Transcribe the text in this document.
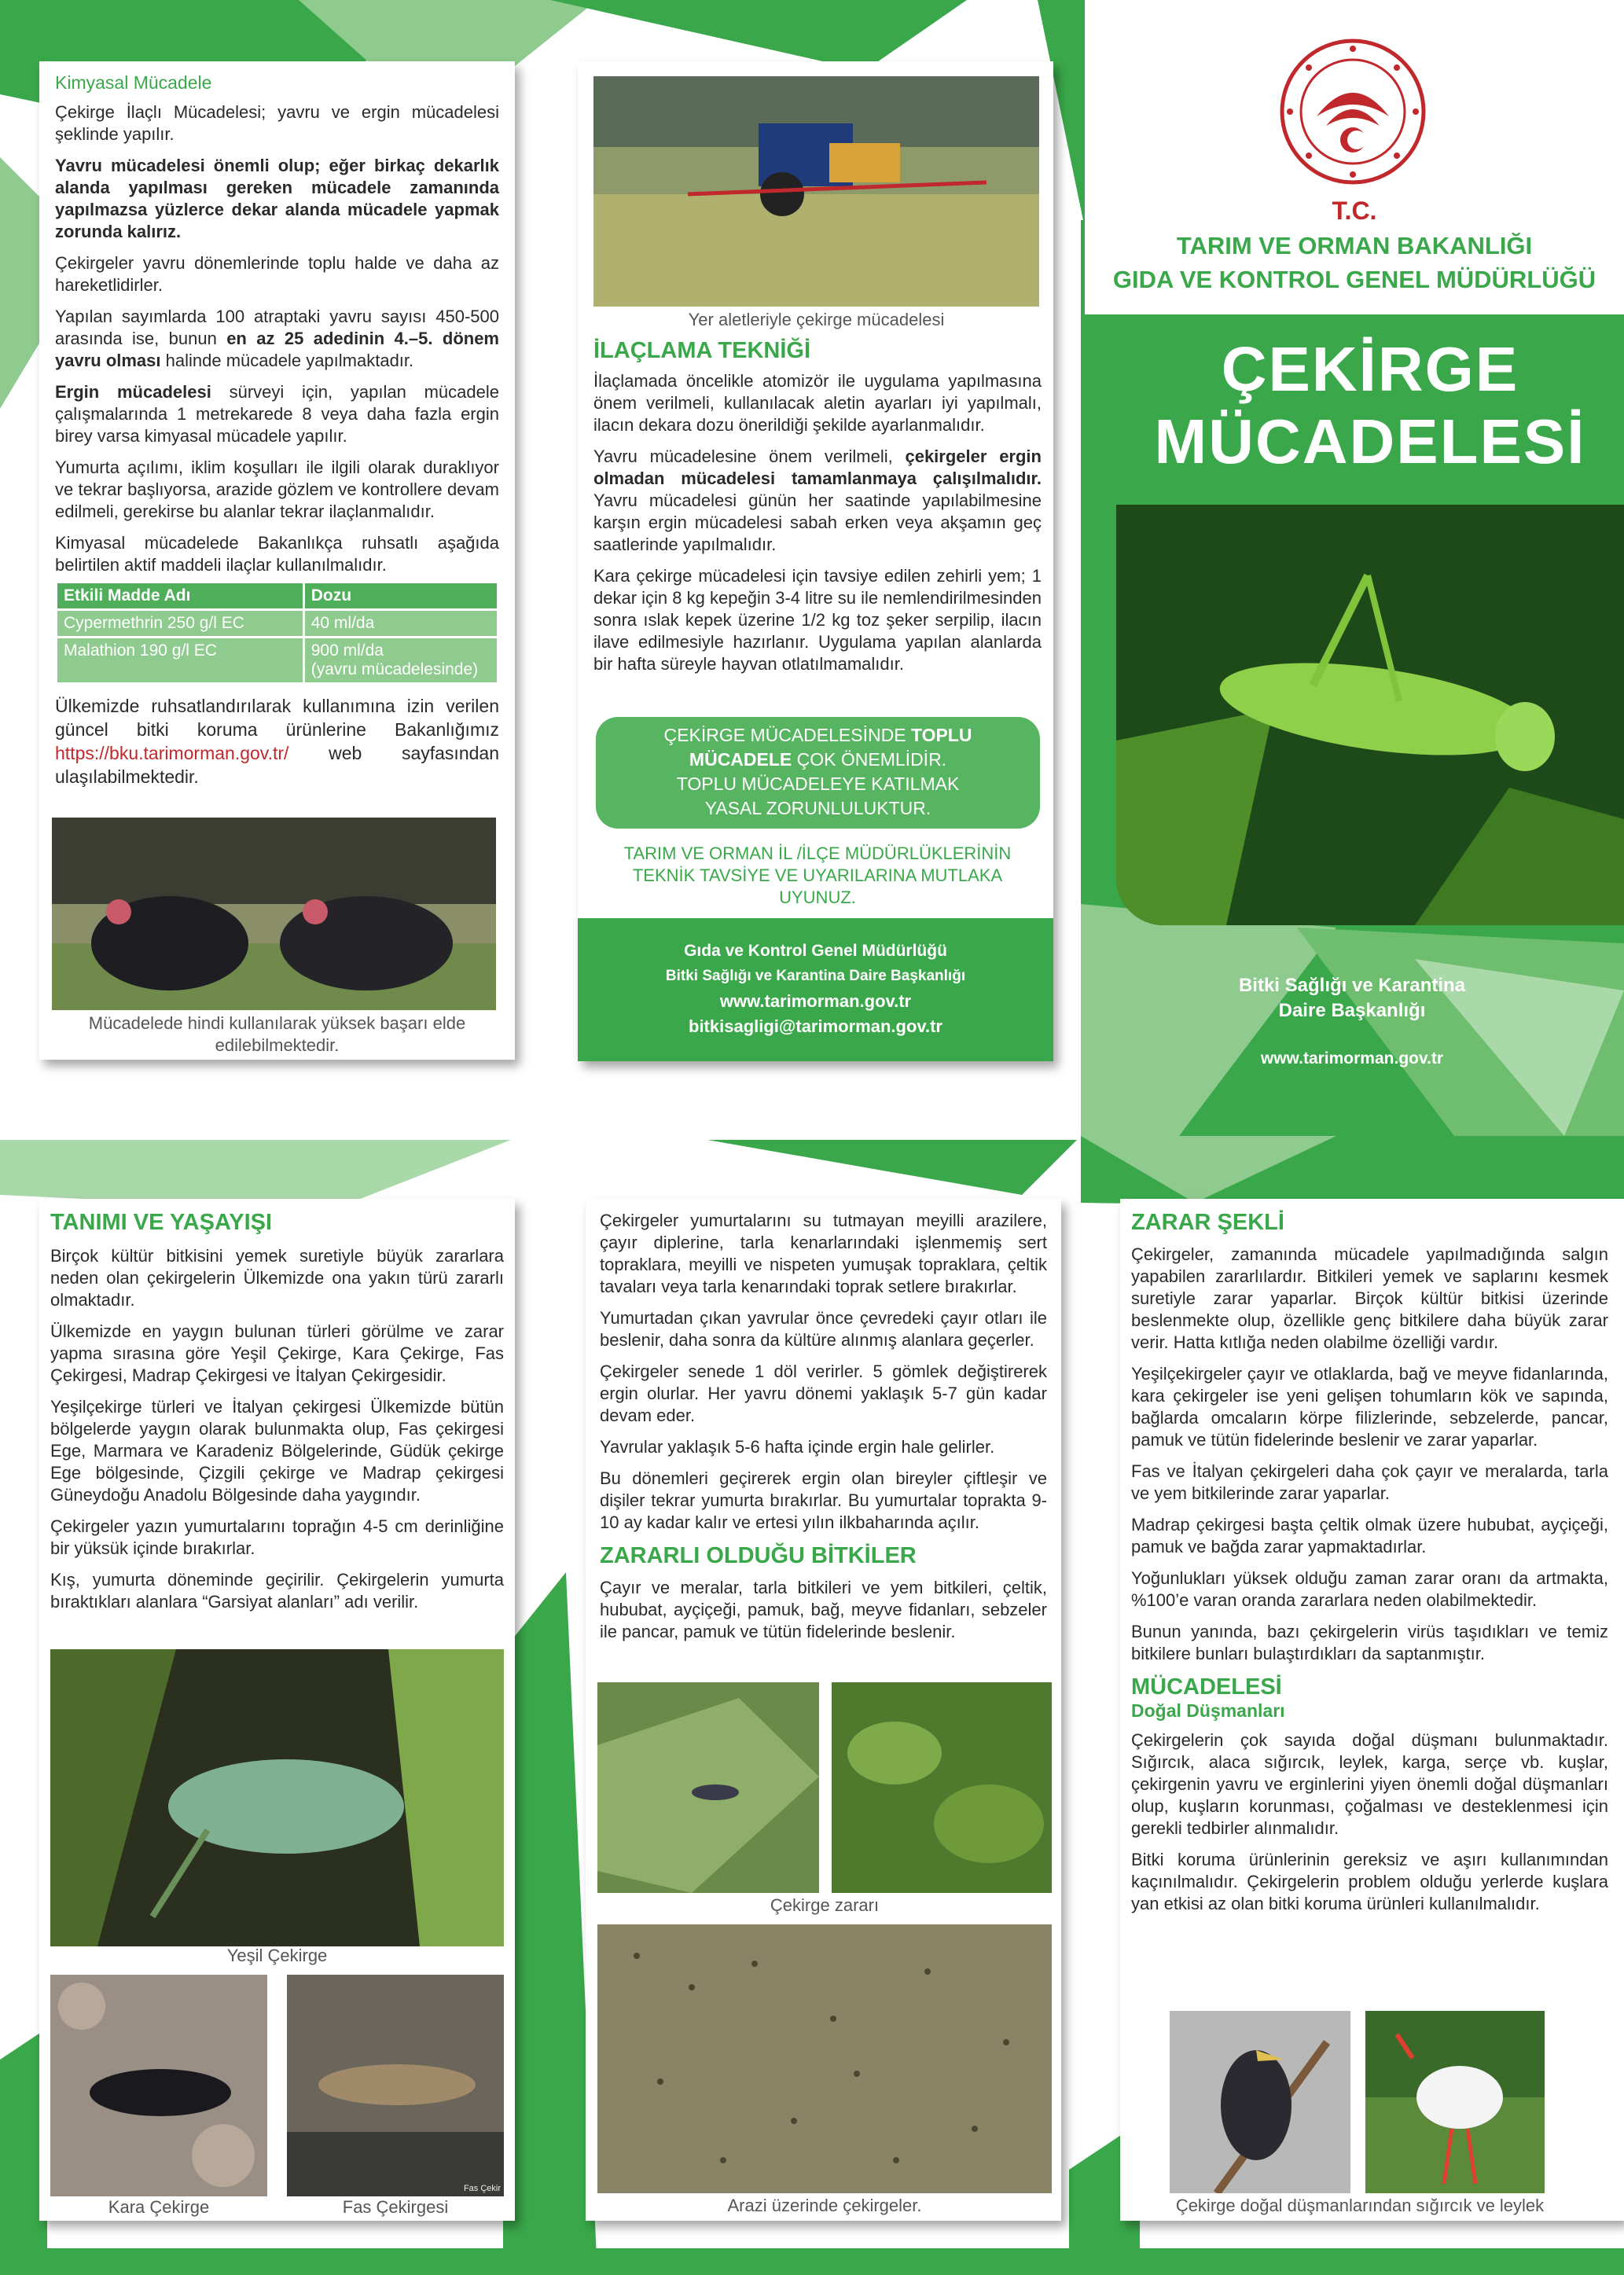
Kimyasal Mücadele

Çekirge İlaçlı Mücadelesi; yavru ve ergin mücadelesi şeklinde yapılır.

Yavru mücadelesi önemli olup; eğer birkaç dekarlık alanda yapılması gereken mücadele zamanında yapılmazsa yüzlerce dekar alanda mücadele yapmak zorunda kalırız.

Çekirgeler yavru dönemlerinde toplu halde ve daha az hareketlidirler.

Yapılan sayımlarda 100 atraptaki yavru sayısı 450-500 arasında ise, bunun en az 25 adedinin 4.–5. dönem yavru olması halinde mücadele yapılmaktadır.

Ergin mücadelesi sürveyi için, yapılan mücadele çalışmalarında 1 metrekarede 8 veya daha fazla ergin birey varsa kimyasal mücadele yapılır.

Yumurta açılımı, iklim koşulları ile ilgili olarak duraklıyor ve tekrar başlıyorsa, arazide gözlem ve kontrollere devam edilmeli, gerekirse bu alanlar tekrar ilaçlanmalıdır.

Kimyasal mücadelede Bakanlıkça ruhsatlı aşağıda belirtilen aktif maddeli ilaçlar kullanılmalıdır.

Etkili Madde Adı	Dozu
Cypermethrin 250 g/l EC	40 ml/da
Malathion 190 g/l EC	900 ml/da
(yavru mücadelesinde)

Ülkemizde ruhsatlandırılarak kullanımına izin verilen güncel bitki koruma ürünlerine Bakanlığımız https://bku.tarimorman.gov.tr/ web sayfasından ulaşılabilmektedir.

Mücadelede hindi kullanılarak yüksek başarı elde edilebilmektedir.
Yer aletleriyle çekirge mücadelesi
İLAÇLAMA TEKNİĞİ

İlaçlamada öncelikle atomizör ile uygulama yapılmasına önem verilmeli, kullanılacak aletin ayarları iyi yapılmalı, ilacın dekara dozu önerildiği şekilde ayarlanmalıdır.

Yavru mücadelesine önem verilmeli, çekirgeler ergin olmadan mücadelesi tamamlanmaya çalışılmalıdır. Yavru mücadelesi günün her saatinde yapılabilmesine karşın ergin mücadelesi sabah erken veya akşamın geç saatlerinde yapılmalıdır.

Kara çekirge mücadelesi için tavsiye edilen zehirli yem; 1 dekar için 8 kg kepeğin 3-4 litre su ile nemlendirilmesinden sonra ıslak kepek üzerine 1/2 kg toz şeker serpilip, ilacın ilave edilmesiyle hazırlanır. Uygulama yapılan alanlarda bir hafta süreyle hayvan otlatılmamalıdır.

ÇEKİRGE MÜCADELESİNDE TOPLU
MÜCADELE ÇOK ÖNEMLİDİR.
TOPLU MÜCADELEYE KATILMAK
YASAL ZORUNLULUKTUR.
TARIM VE ORMAN İL /İLÇE MÜDÜRLÜKLERİNİN TEKNİK TAVSİYE VE UYARILARINA MUTLAKA UYUNUZ.
Gıda ve Kontrol Genel Müdürlüğü
Bitki Sağlığı ve Karantina Daire Başkanlığı
www.tarimorman.gov.tr
bitkisagligi@tarimorman.gov.tr
T.C.
TARIM VE ORMAN BAKANLIĞI
GIDA VE KONTROL GENEL MÜDÜRLÜĞÜ
ÇEKİRGE
MÜCADELESİ
Bitki Sağlığı ve Karantina
Daire Başkanlığı
www.tarimorman.gov.tr
TANIMI VE YAŞAYIŞI

Birçok kültür bitkisini yemek suretiyle büyük zararlara neden olan çekirgelerin Ülkemizde ona yakın türü zararlı olmaktadır.

Ülkemizde en yaygın bulunan türleri görülme ve zarar yapma sırasına göre Yeşil Çekirge, Kara Çekirge, Fas Çekirgesi, Madrap Çekirgesi ve İtalyan Çekirgesidir.

Yeşilçekirge türleri ve İtalyan çekirgesi Ülkemizde bütün bölgelerde yaygın olarak bulunmakta olup, Fas çekirgesi Ege, Marmara ve Karadeniz Bölgelerinde, Güdük çekirge Ege bölgesinde, Çizgili çekirge ve Madrap çekirgesi Güneydoğu Anadolu Bölgesinde daha yaygındır.

Çekirgeler yazın yumurtalarını toprağın 4-5 cm derinliğine bir yüksük içinde bırakırlar.

Kış, yumurta döneminde geçirilir. Çekirgelerin yumurta bıraktıkları alanlara “Garsiyat alanları” adı verilir.

Yeşil Çekirge
Fas Çekir
Kara Çekirge	Fas Çekirgesi

Çekirgeler yumurtalarını su tutmayan meyilli arazilere, çayır diplerine, tarla kenarlarındaki işlenmemiş sert topraklara, meyilli ve nispeten yumuşak topraklara, çeltik tavaları veya tarla kenarındaki toprak setlere bırakırlar.

Yumurtadan çıkan yavrular önce çevredeki çayır otları ile beslenir, daha sonra da kültüre alınmış alanlara geçerler.

Çekirgeler senede 1 döl verirler. 5 gömlek değiştirerek ergin olurlar. Her yavru dönemi yaklaşık 5-7 gün kadar devam eder.

Yavrular yaklaşık 5-6 hafta içinde ergin hale gelirler.

Bu dönemleri geçirerek ergin olan bireyler çiftleşir ve dişiler tekrar yumurta bırakırlar. Bu yumurtalar toprakta 9-10 ay kadar kalır ve ertesi yılın ilkbaharında açılır.

ZARARLI OLDUĞU BİTKİLER

Çayır ve meralar, tarla bitkileri ve yem bitkileri, çeltik, hububat, ayçiçeği, pamuk, bağ, meyve fidanları, sebzeler ile pancar, pamuk ve tütün fidelerinde beslenir.

Çekirge zararı
Arazi üzerinde çekirgeler.
ZARAR ŞEKLİ

Çekirgeler, zamanında mücadele yapılmadığında salgın yapabilen zararlılardır. Bitkileri yemek ve saplarını kesmek suretiyle zarar yaparlar. Birçok kültür bitkisi üzerinde beslenmekte olup, özellikle genç bitkilere daha büyük zarar verir. Hatta kıtlığa neden olabilme özelliği vardır.

Yeşilçekirgeler çayır ve otlaklarda, bağ ve meyve fidanlarında, kara çekirgeler ise yeni gelişen tohumların kök ve sapında, bağlarda omcaların körpe filizlerinde, sebzelerde, pancar, pamuk ve tütün fidelerinde beslenir ve zarar yaparlar.

Fas ve İtalyan çekirgeleri daha çok çayır ve meralarda, tarla ve yem bitkilerinde zarar yaparlar.

Madrap çekirgesi başta çeltik olmak üzere hububat, ayçiçeği, pamuk ve bağda zarar yapmaktadırlar.

Yoğunlukları yüksek olduğu zaman zarar oranı da artmakta, %100’e varan oranda zararlara neden olabilmektedir.

Bunun yanında, bazı çekirgelerin virüs taşıdıkları ve temiz bitkilere bunları bulaştırdıkları da saptanmıştır.

MÜCADELESİ
Doğal Düşmanları

Çekirgelerin çok sayıda doğal düşmanı bulunmaktadır. Sığırcık, alaca sığırcık, leylek, karga, serçe vb. kuşlar, çekirgenin yavru ve erginlerini yiyen önemli doğal düşmanları olup, kuşların korunması, çoğalması ve desteklenmesi için gerekli tedbirler alınmalıdır.

Bitki koruma ürünlerinin gereksiz ve aşırı kullanımından kaçınılmalıdır. Çekirgelerin problem olduğu yerlerde kuşlara yan etkisi az olan bitki koruma ürünleri kullanılmalıdır.

Çekirge doğal düşmanlarından sığırcık ve leylek
